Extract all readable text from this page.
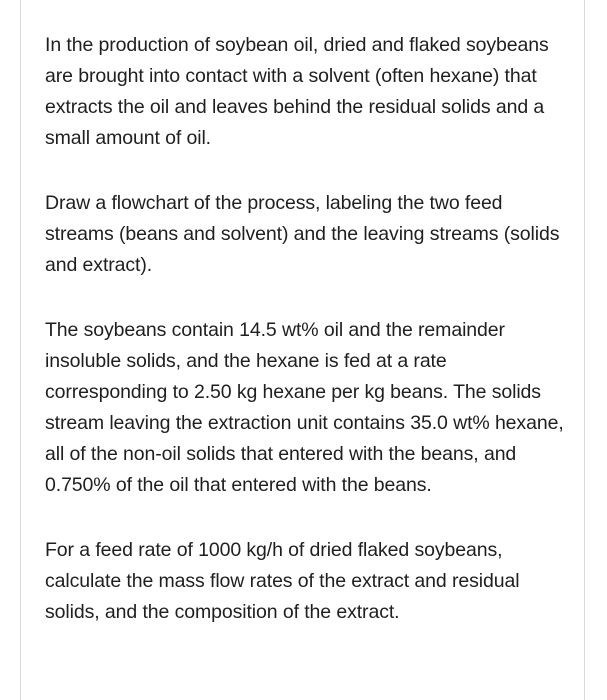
In the production of soybean oil, dried and flaked soybeans are brought into contact with a solvent (often hexane) that extracts the oil and leaves behind the residual solids and a small amount of oil.

Draw a flowchart of the process, labeling the two feed streams (beans and solvent) and the leaving streams (solids and extract).

The soybeans contain 14.5 wt% oil and the remainder insoluble solids, and the hexane is fed at a rate corresponding to 2.50 kg hexane per kg beans. The solids stream leaving the extraction unit contains 35.0 wt% hexane, all of the non-oil solids that entered with the beans, and 0.750% of the oil that entered with the beans.

For a feed rate of 1000 kg/h of dried flaked soybeans, calculate the mass flow rates of the extract and residual solids, and the composition of the extract.
